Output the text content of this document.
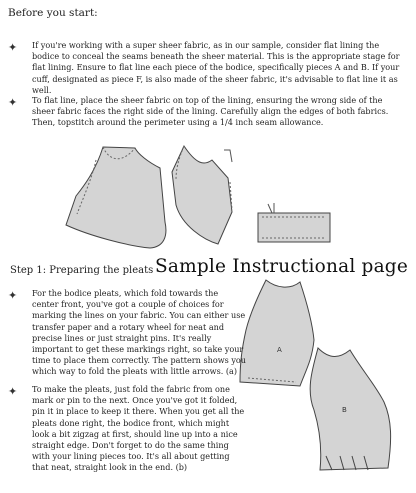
Before you start:
✦ If you're working with a super sheer fabric, as in our sample, consider flat lining the bodice to conceal the seams beneath the sheer material. This is the appropriate stage for flat lining. Ensure to flat line each piece of the bodice, specifically pieces A and B. If your cuff, designated as piece F, is also made of the sheer fabric, it's advisable to flat line it as well.
✦ To flat line, place the sheer fabric on top of the lining, ensuring the wrong side of the sheer fabric faces the right side of the lining. Carefully align the edges of both fabrics. Then, topstitch around the perimeter using a 1/4 inch seam allowance.
A
B
Sample Instructional page
Step 1: Preparing the pleats
✦ For the bodice pleats, which fold towards the center front, you've got a couple of choices for marking the lines on your fabric. You can either use transfer paper and a rotary wheel for neat and precise lines or just straight pins. It's really important to get these markings right, so take your time to place them correctly. The pattern shows you which way to fold the pleats with little arrows. (a)
✦ To make the pleats, just fold the fabric from one mark or pin to the next. Once you've got it folded, pin it in place to keep it there. When you get all the pleats done right, the bodice front, which might look a bit zigzag at first, should line up into a nice straight edge. Don't forget to do the same thing with your lining pieces too. It's all about getting that neat, straight look in the end. (b)
